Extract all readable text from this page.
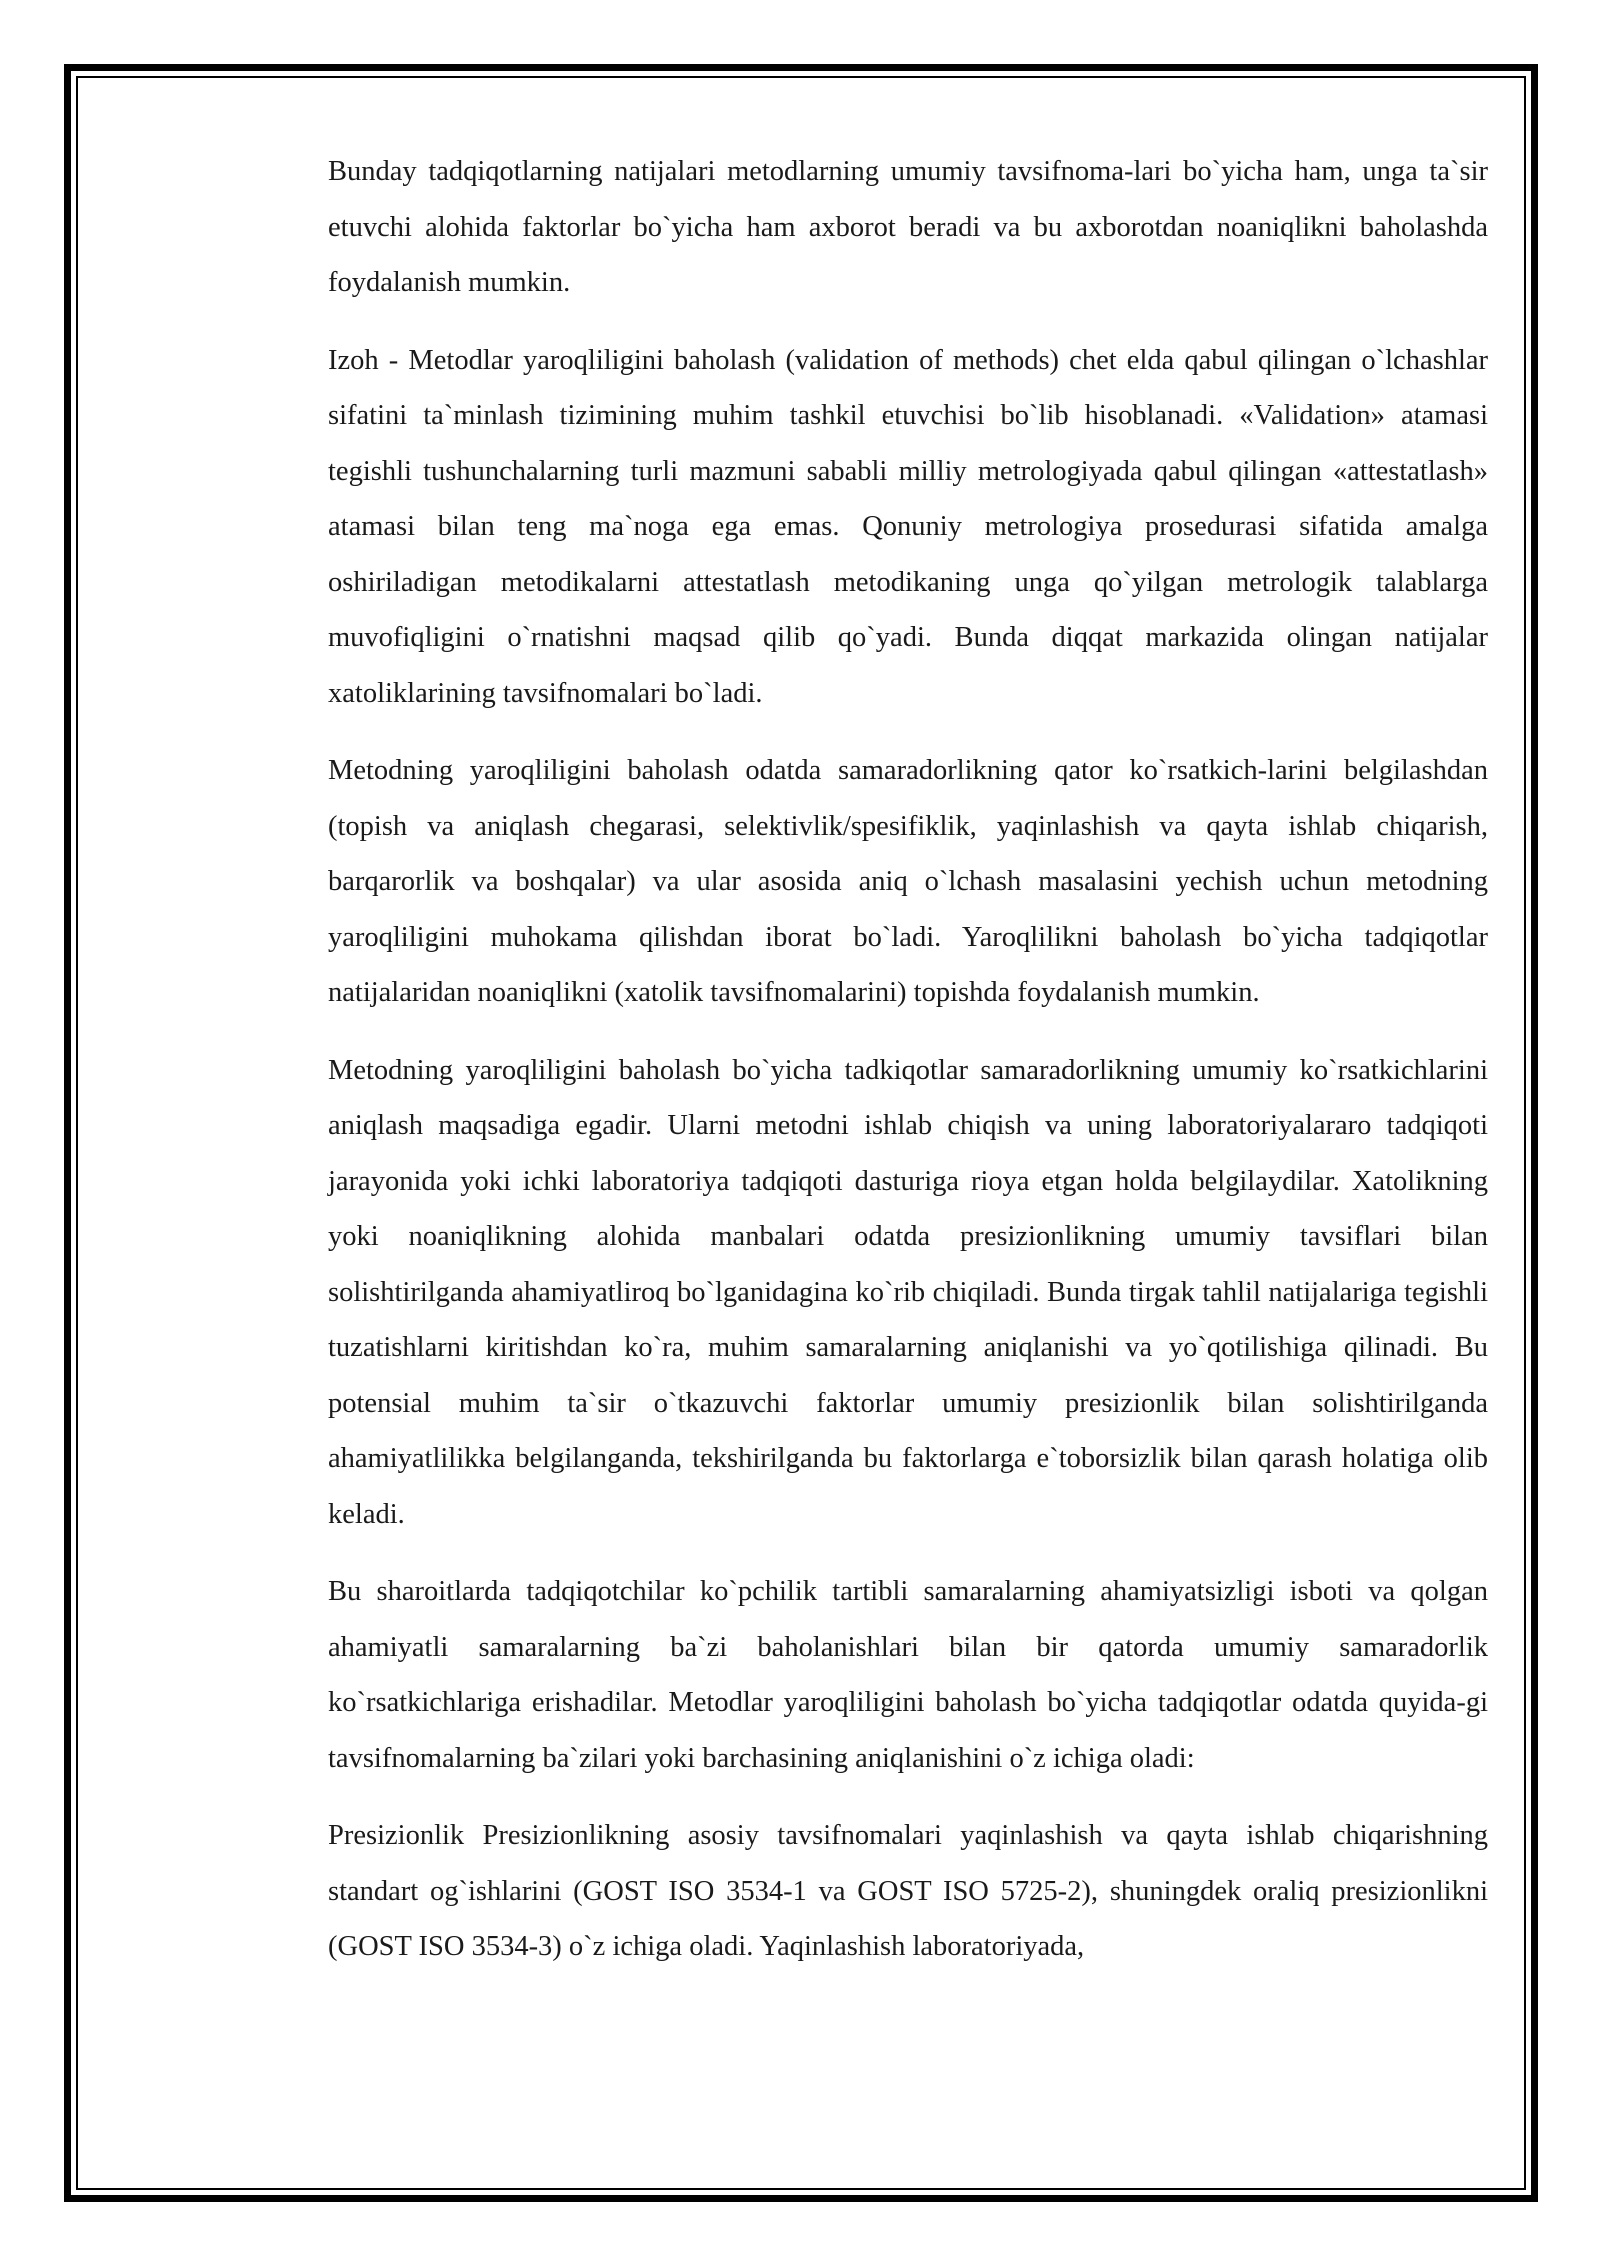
Bunday tadqiqotlarning natijalari metodlarning umumiy tavsifnoma-lari bo`yicha ham, unga ta`sir etuvchi alohida faktorlar bo`yicha ham axborot beradi va bu axborotdan noaniqlikni baholashda foydalanish mumkin.

Izoh - Metodlar yaroqliligini baholash (validation of methods) chet elda qabul qilingan o`lchashlar sifatini ta`minlash tizimining muhim tashkil etuvchisi bo`lib hisoblanadi. «Validation» atamasi tegishli tushunchalarning turli mazmuni sababli milliy metrologiyada qabul qilingan «attestatlash» atamasi bilan teng ma`noga ega emas. Qonuniy metrologiya prosedurasi sifatida amalga oshiriladigan metodikalarni attestatlash metodikaning unga qo`yilgan metrologik talablarga muvofiqligini o`rnatishni maqsad qilib qo`yadi. Bunda diqqat markazida olingan natijalar xatoliklarining tavsifnomalari bo`ladi.

Metodning yaroqliligini baholash odatda samaradorlikning qator ko`rsatkich-larini belgilashdan (topish va aniqlash chegarasi, selektivlik/spesifiklik, yaqinlashish va qayta ishlab chiqarish, barqarorlik va boshqalar) va ular asosida aniq o`lchash masalasini yechish uchun metodning yaroqliligini muhokama qilishdan iborat bo`ladi. Yaroqlilikni baholash bo`yicha tadqiqotlar natijalaridan noaniqlikni (xatolik tavsifnomalarini) topishda foydalanish mumkin.

Metodning yaroqliligini baholash bo`yicha tadkiqotlar samaradorlikning umumiy ko`rsatkichlarini aniqlash maqsadiga egadir. Ularni metodni ishlab chiqish va uning laboratoriyalararo tadqiqoti jarayonida yoki ichki laboratoriya tadqiqoti dasturiga rioya etgan holda belgilaydilar. Xatolikning yoki noaniqlikning alohida manbalari odatda presizionlikning umumiy tavsiflari bilan solishtirilganda ahamiyatliroq bo`lganidagina ko`rib chiqiladi. Bunda tirgak tahlil natijalariga tegishli tuzatishlarni kiritishdan ko`ra, muhim samaralarning aniqlanishi va yo`qotilishiga qilinadi. Bu potensial muhim ta`sir o`tkazuvchi faktorlar umumiy presizionlik bilan solishtirilganda ahamiyatlilikka belgilanganda, tekshirilganda bu faktorlarga e`toborsizlik bilan qarash holatiga olib keladi.

Bu sharoitlarda tadqiqotchilar ko`pchilik tartibli samaralarning ahamiyatsizligi isboti va qolgan ahamiyatli samaralarning ba`zi baholanishlari bilan bir qatorda umumiy samaradorlik ko`rsatkichlariga erishadilar. Metodlar yaroqliligini baholash bo`yicha tadqiqotlar odatda quyida-gi tavsifnomalarning ba`zilari yoki barchasining aniqlanishini o`z ichiga oladi:

Presizionlik Presizionlikning asosiy tavsifnomalari yaqinlashish va qayta ishlab chiqarishning standart og`ishlarini (GOST ISO 3534-1 va GOST ISO 5725-2), shuningdek oraliq presizionlikni (GOST ISO 3534-3) o`z ichiga oladi. Yaqinlashish laboratoriyada,
